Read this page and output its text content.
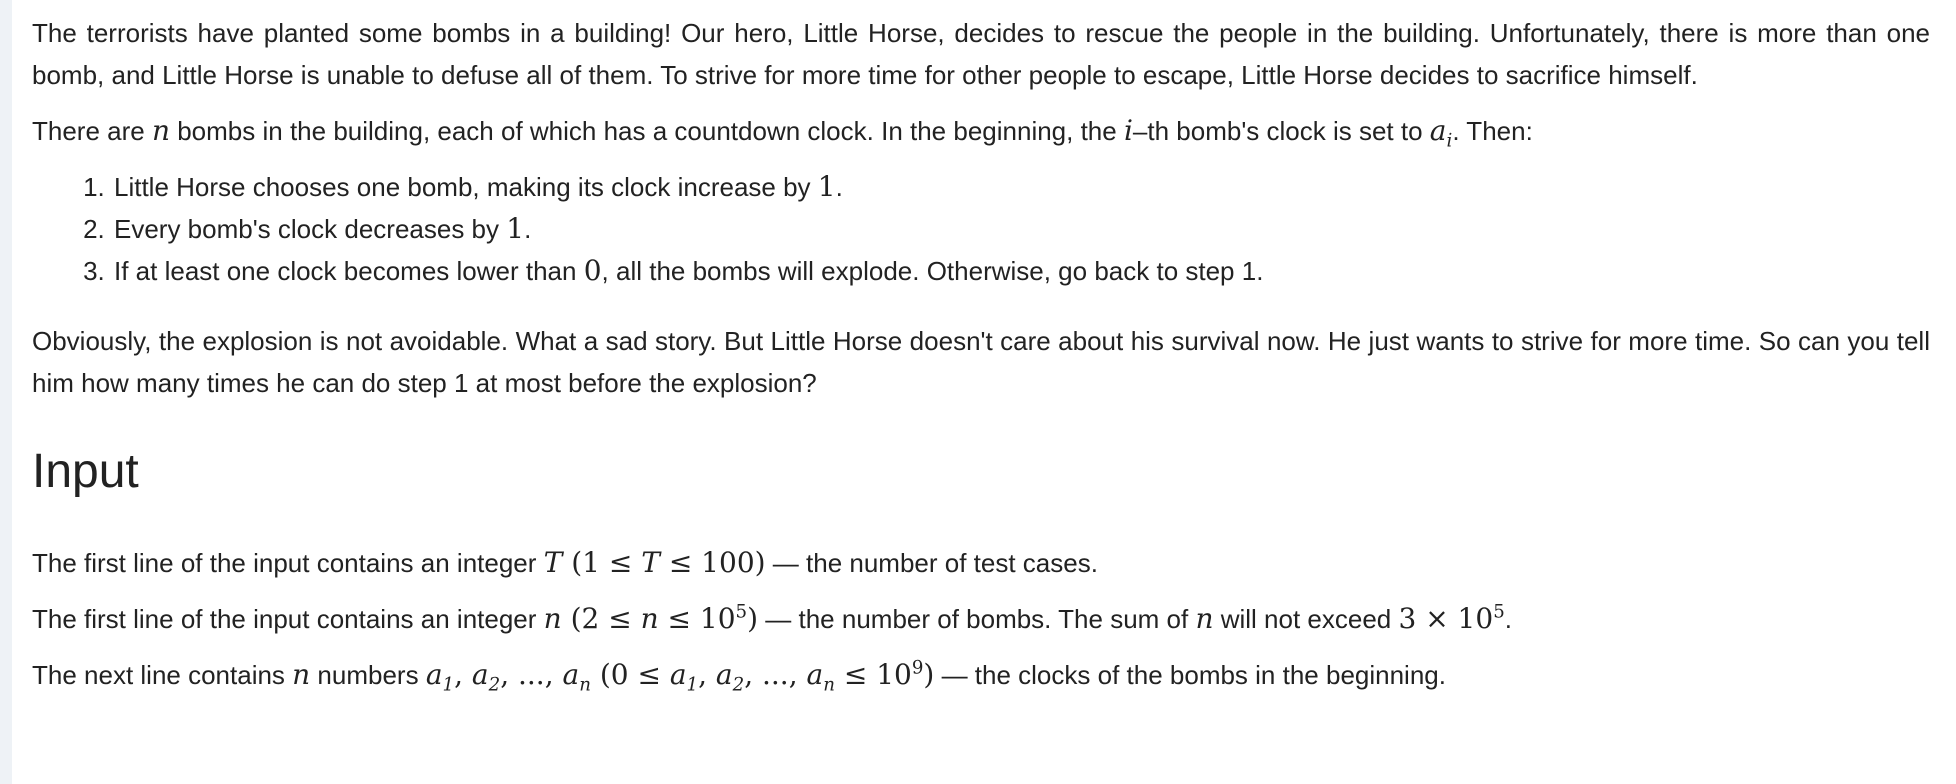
The terrorists have planted some bombs in a building! Our hero, Little Horse, decides to rescue the people in the building. Unfortunately, there is more than one bomb, and Little Horse is unable to defuse all of them. To strive for more time for other people to escape, Little Horse decides to sacrifice himself.

There are n bombs in the building, each of which has a countdown clock. In the beginning, the i–th bomb's clock is set to $a_i$. Then:

1. Little Horse chooses one bomb, making its clock increase by 1.
2. Every bomb's clock decreases by 1.
3. If at least one clock becomes lower than 0, all the bombs will explode. Otherwise, go back to step 1.

Obviously, the explosion is not avoidable. What a sad story. But Little Horse doesn't care about his survival now. He just wants to strive for more time. So can you tell him how many times he can do step 1 at most before the explosion?

Input

The first line of the input contains an integer T (1 ≤ T ≤ 100) — the number of test cases.

The first line of the input contains an integer n $(2 \le n \le 10^5)$ — the number of bombs. The sum of n will not exceed $3 \times 10^5$.

The next line contains n numbers $a_1$, $a_2$, ..., $a_n$ ($0 \le a_1$, $a_2$, ..., $a_n \le 10^9$) — the clocks of the bombs in the beginning.
